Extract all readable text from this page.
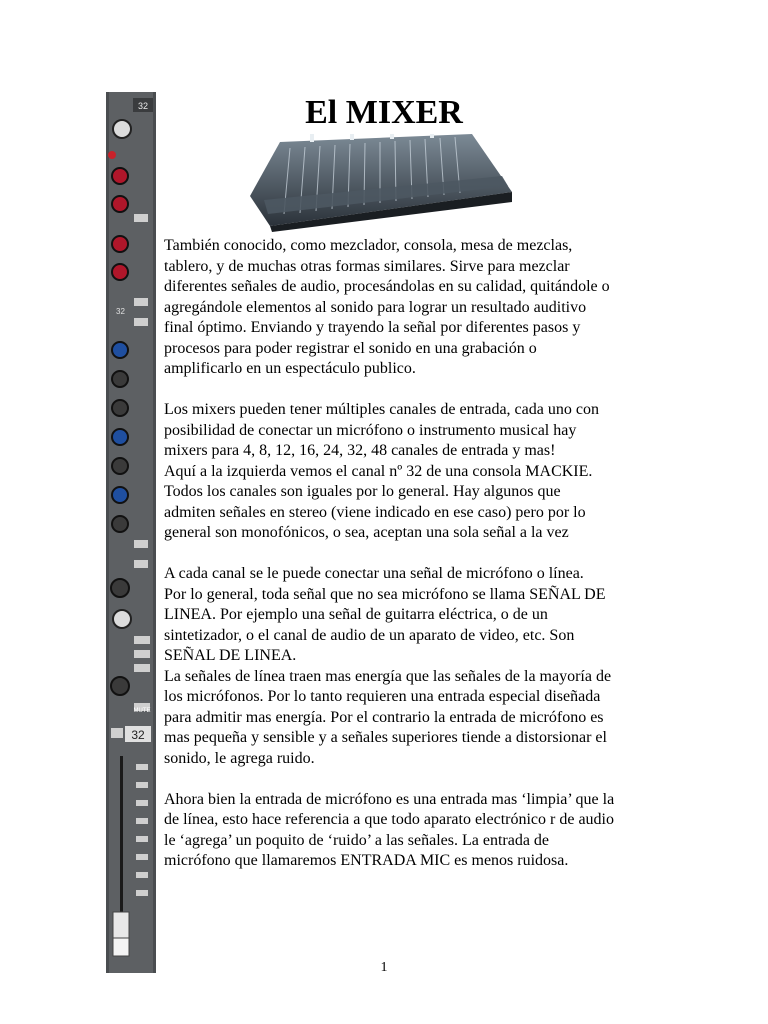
El MIXER
32
32
MUTE
32

También conocido, como mezclador, consola, mesa de mezclas,
tablero, y de muchas otras formas similares. Sirve para mezclar
diferentes señales de audio, procesándolas en su calidad, quitándole o
agregándole elementos al sonido para lograr un resultado auditivo
final óptimo. Enviando y trayendo la señal por diferentes pasos y
procesos para poder registrar el sonido en una grabación o
amplificarlo en un espectáculo publico.

Los mixers pueden tener múltiples canales de entrada, cada uno con
posibilidad de conectar un micrófono o instrumento musical hay
mixers para 4, 8, 12, 16, 24, 32, 48 canales de entrada y mas!
Aquí a la izquierda vemos el canal nº 32 de una consola MACKIE.
Todos los canales son iguales por lo general. Hay algunos que
admiten señales en stereo (viene indicado en ese caso) pero por lo
general son monofónicos, o sea, aceptan una sola señal a la vez

A cada canal se le puede conectar una señal de micrófono o línea.
Por lo general, toda señal que no sea micrófono se llama SEÑAL DE
LINEA. Por ejemplo una señal de guitarra eléctrica, o de un
sintetizador, o el canal de audio de un aparato de video, etc. Son
SEÑAL DE LINEA.
La señales de línea traen mas energía que las señales de la mayoría de
los micrófonos. Por lo tanto requieren una entrada especial diseñada
para admitir mas energía. Por el contrario la entrada de micrófono es
mas pequeña y sensible y a señales superiores tiende a distorsionar el
sonido, le agrega ruido.

Ahora bien la entrada de micrófono es una entrada mas ‘limpia’ que la
de línea, esto hace referencia a que todo aparato electrónico r de audio
le ‘agrega’ un poquito de ‘ruido’ a las señales. La entrada de
micrófono que llamaremos ENTRADA MIC es menos ruidosa.

1
